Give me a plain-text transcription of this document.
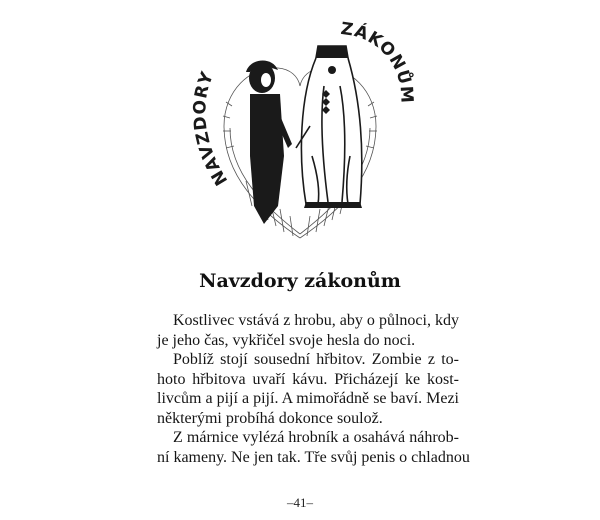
NAVZDORY
ZÁKONŮM
Navzdory zákonům
Kostlivec vstává z hrobu, aby o půlnoci, kdy
je jeho čas, vykřičel svoje hesla do noci.
Poblíž stojí sousední hřbitov. Zombie z to-
hoto hřbitova uvaří kávu. Přicházejí ke kost-
livcům a pijí a pijí. A mimořádně se baví. Mezi
některými probíhá dokonce soulož.
Z márnice vylézá hrobník a osahává náhrob-
ní kameny. Ne jen tak. Tře svůj penis o chladnou
–41–
